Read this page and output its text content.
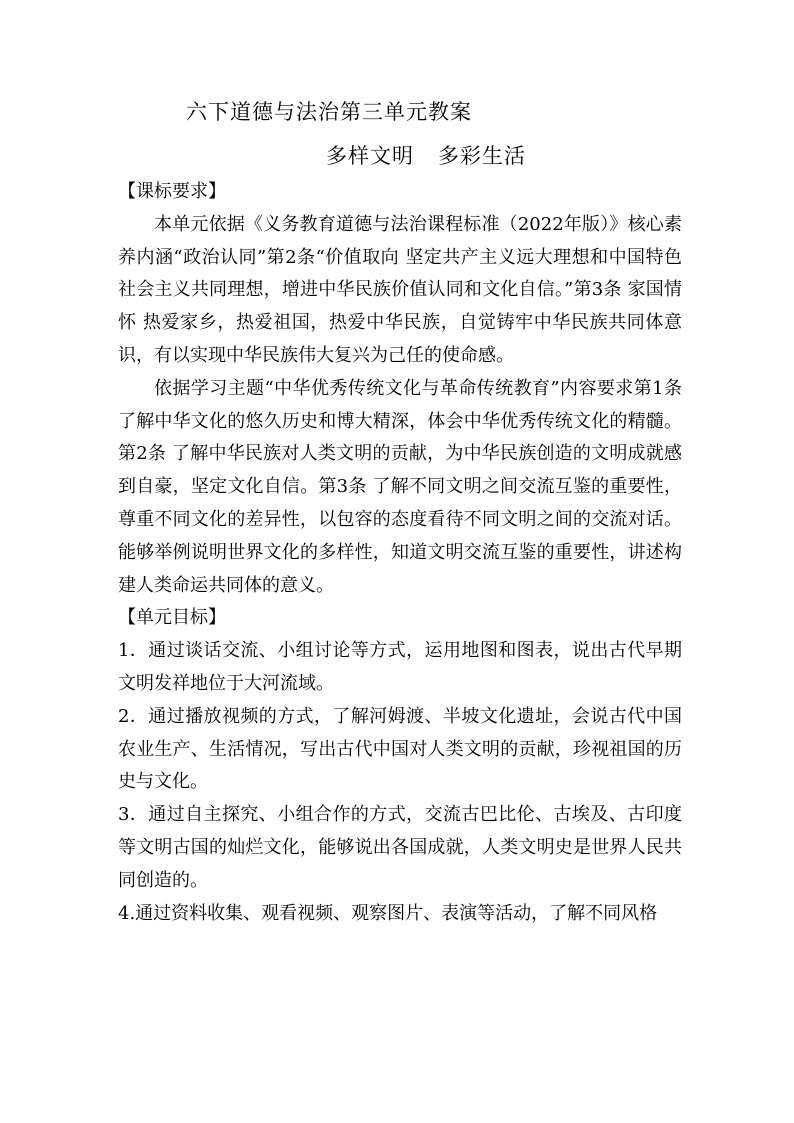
六下道德与法治第三单元教案
多样文明 多彩生活

【课标要求】

本单元依据《义务教育道德与法治课程标准（2022年版）》核心素养内涵“政治认同”第2条“价值取向 坚定共产主义远大理想和中国特色社会主义共同理想，增进中华民族价值认同和文化自信。”第3条 家国情怀 热爱家乡，热爱祖国，热爱中华民族，自觉铸牢中华民族共同体意识，有以实现中华民族伟大复兴为己任的使命感。

依据学习主题“中华优秀传统文化与革命传统教育”内容要求第1条 了解中华文化的悠久历史和博大精深，体会中华优秀传统文化的精髓。第2条 了解中华民族对人类文明的贡献，为中华民族创造的文明成就感到自豪，坚定文化自信。第3条 了解不同文明之间交流互鉴的重要性，尊重不同文化的差异性，以包容的态度看待不同文明之间的交流对话。能够举例说明世界文化的多样性，知道文明交流互鉴的重要性，讲述构建人类命运共同体的意义。

【单元目标】

1．通过谈话交流、小组讨论等方式，运用地图和图表，说出古代早期文明发祥地位于大河流域。

2．通过播放视频的方式，了解河姆渡、半坡文化遗址，会说古代中国农业生产、生活情况，写出古代中国对人类文明的贡献，珍视祖国的历史与文化。

3．通过自主探究、小组合作的方式，交流古巴比伦、古埃及、古印度等文明古国的灿烂文化，能够说出各国成就，人类文明史是世界人民共同创造的。

4.通过资料收集、观看视频、观察图片、表演等活动，了解不同风格
